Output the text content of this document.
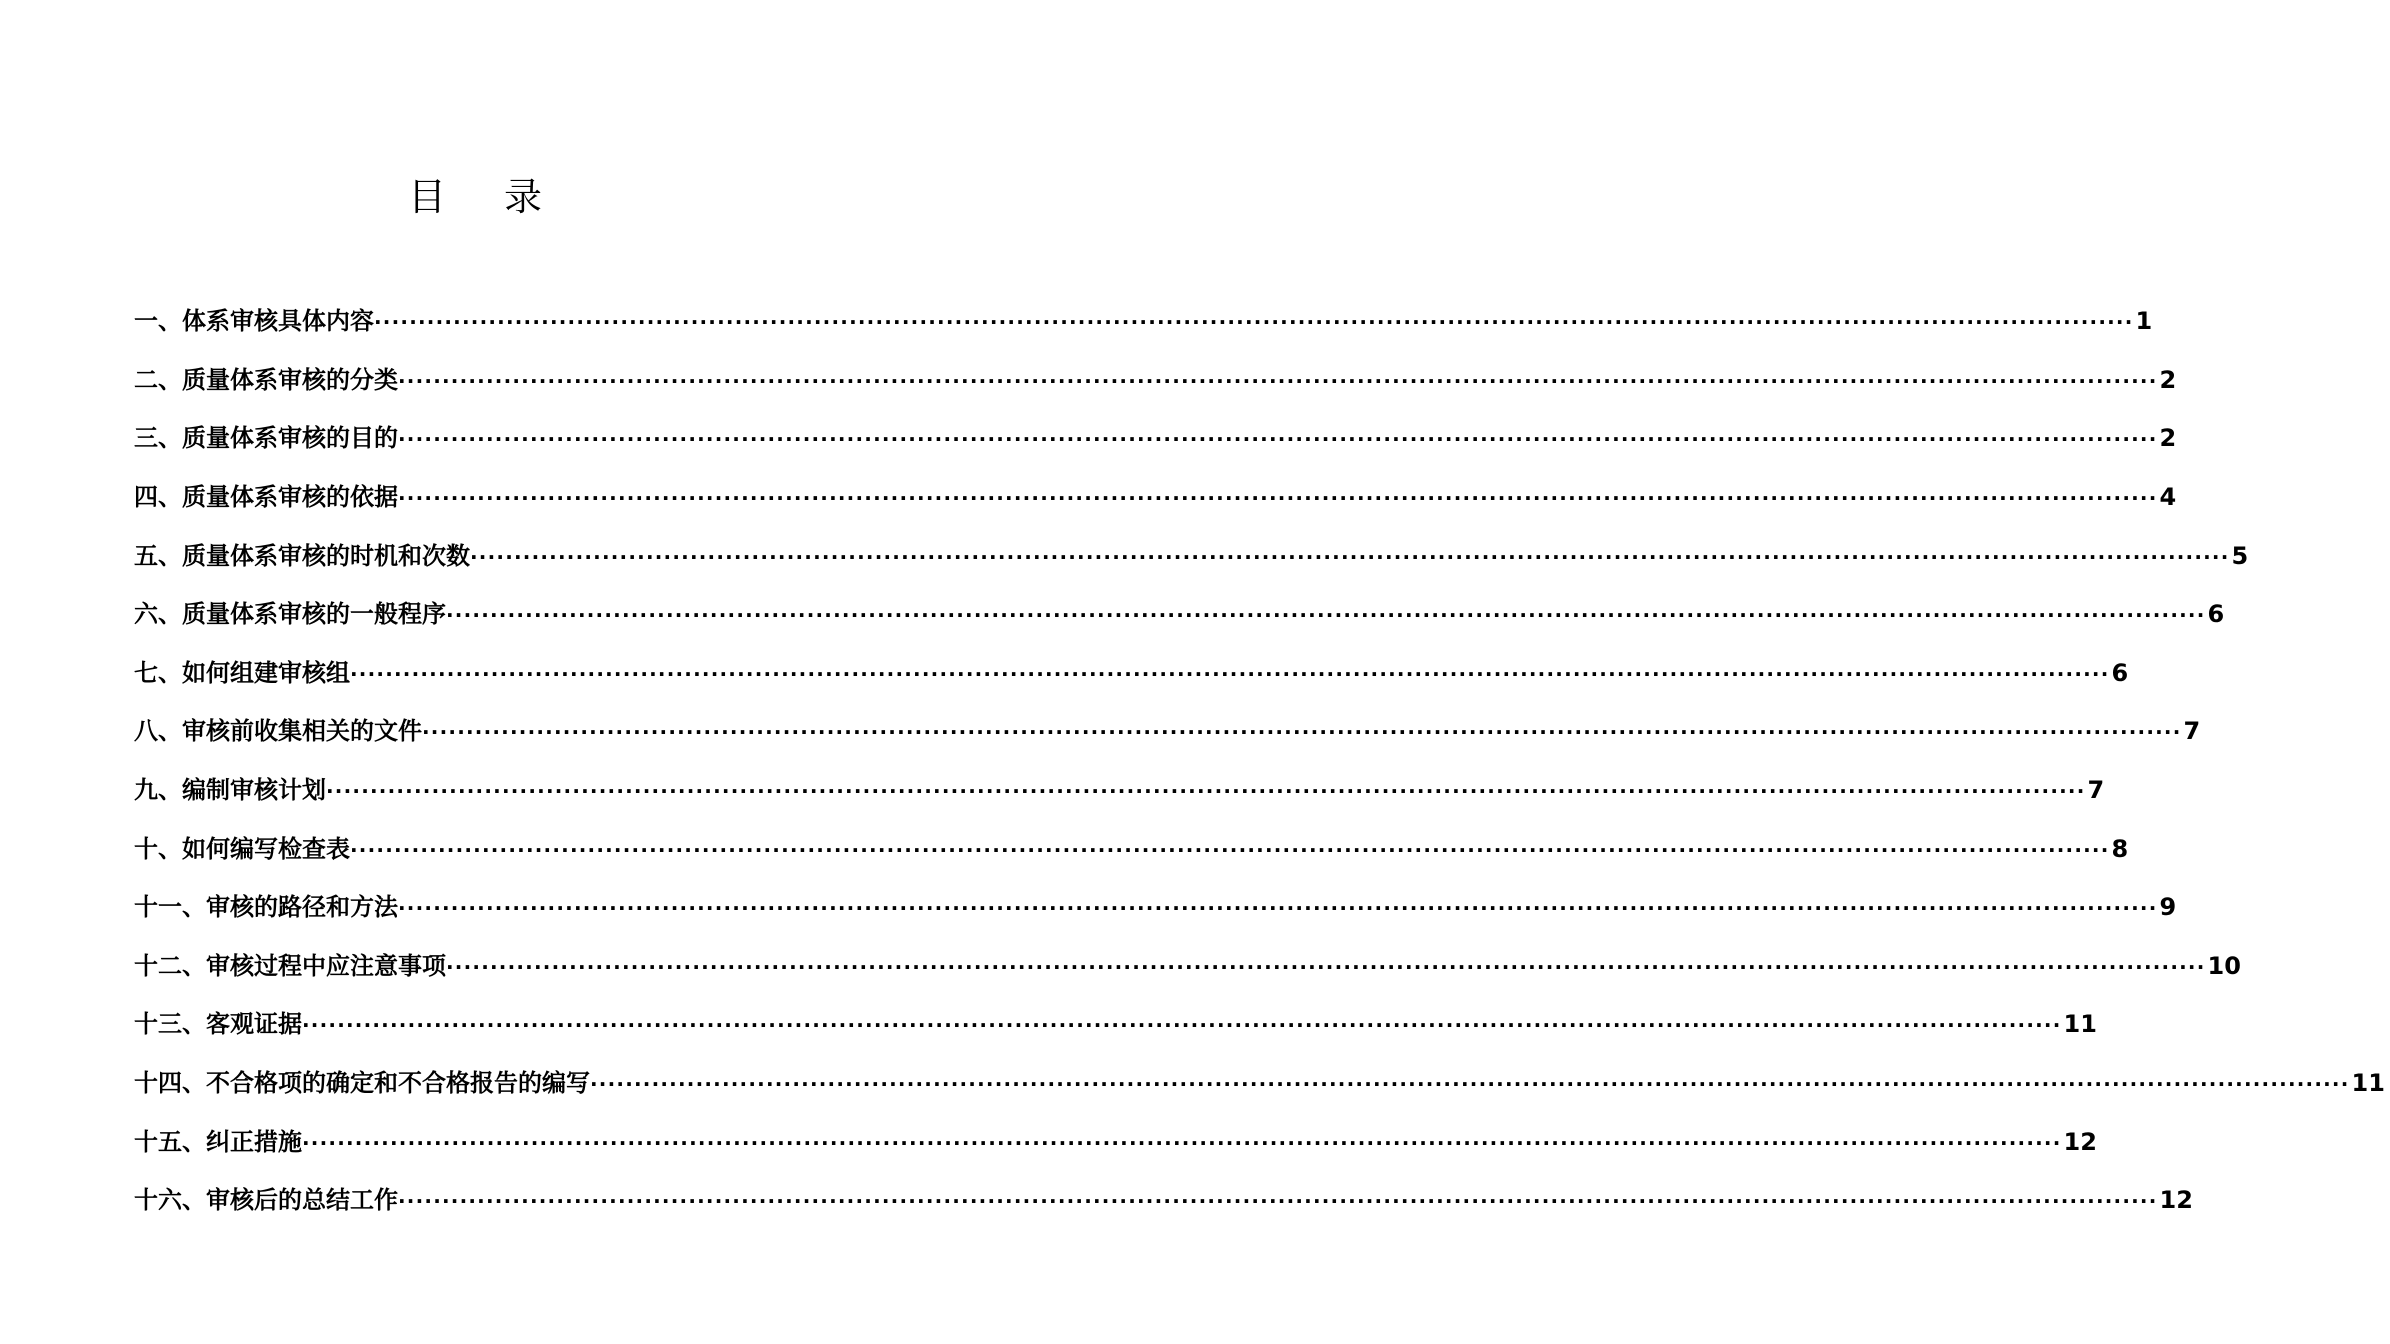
目 录
一、体系审核具体内容 ········································································································································································································ 1
二、质量体系审核的分类 ········································································································································································································ 2
三、质量体系审核的目的 ········································································································································································································ 2
四、质量体系审核的依据 ········································································································································································································ 4
五、质量体系审核的时机和次数 ········································································································································································································ 5
六、质量体系审核的一般程序 ········································································································································································································ 6
七、如何组建审核组 ········································································································································································································ 6
八、审核前收集相关的文件 ········································································································································································································ 7
九、编制审核计划 ········································································································································································································ 7
十、如何编写检查表 ········································································································································································································ 8
十一、审核的路径和方法 ········································································································································································································ 9
十二、审核过程中应注意事项 ········································································································································································································ 10
十三、客观证据 ········································································································································································································ 11
十四、不合格项的确定和不合格报告的编写 ········································································································································································································ 11
十五、纠正措施 ········································································································································································································ 12
十六、审核后的总结工作 ········································································································································································································ 12
